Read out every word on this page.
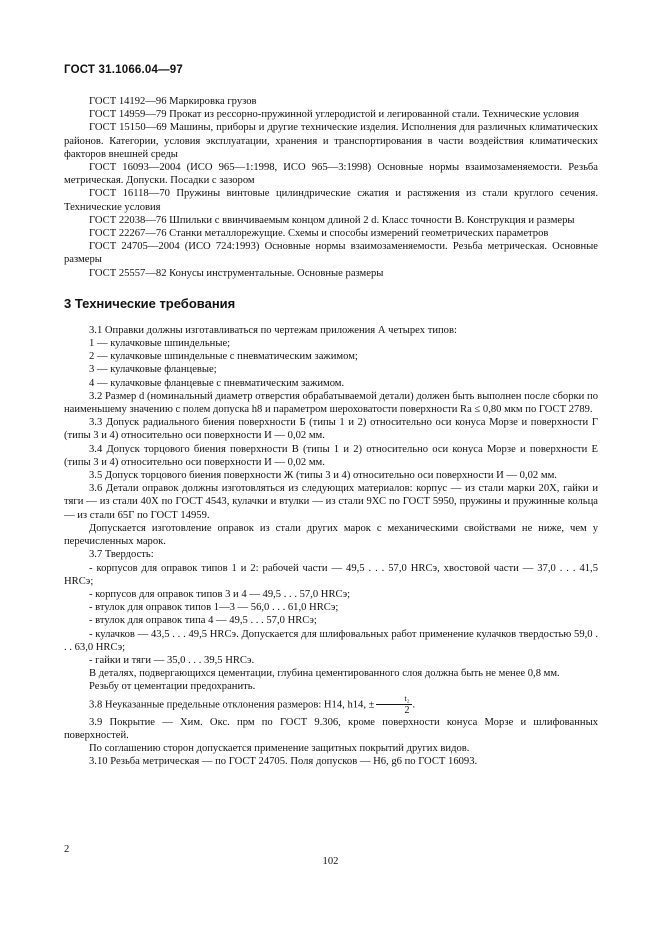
ГОСТ 31.1066.04—97

ГОСТ 14192—96 Маркировка грузов

ГОСТ 14959—79 Прокат из рессорно-пружинной углеродистой и легированной стали. Технические условия

ГОСТ 15150—69 Машины, приборы и другие технические изделия. Исполнения для различных климатических районов. Категории, условия эксплуатации, хранения и транспортирования в части воздействия климатических факторов внешней среды

ГОСТ 16093—2004 (ИСО 965—1:1998, ИСО 965—3:1998) Основные нормы взаимозаменяемости. Резьба метрическая. Допуски. Посадки с зазором

ГОСТ 16118—70 Пружины винтовые цилиндрические сжатия и растяжения из стали круглого сечения. Технические условия

ГОСТ 22038—76 Шпильки с ввинчиваемым концом длиной 2 d. Класс точности В. Конструкция и размеры

ГОСТ 22267—76 Станки металлорежущие. Схемы и способы измерений геометрических параметров

ГОСТ 24705—2004 (ИСО 724:1993) Основные нормы взаимозаменяемости. Резьба метрическая. Основные размеры

ГОСТ 25557—82 Конусы инструментальные. Основные размеры

3 Технические требования

3.1 Оправки должны изготавливаться по чертежам приложения А четырех типов:

1 — кулачковые шпиндельные;

2 — кулачковые шпиндельные с пневматическим зажимом;

3 — кулачковые фланцевые;

4 — кулачковые фланцевые с пневматическим зажимом.

3.2 Размер d (номинальный диаметр отверстия обрабатываемой детали) должен быть выполнен после сборки по наименьшему значению с полем допуска h8 и параметром шероховатости поверхности Ra ≤ 0,80 мкм по ГОСТ 2789.

3.3 Допуск радиального биения поверхности Б (типы 1 и 2) относительно оси конуса Морзе и поверхности Г (типы 3 и 4) относительно оси поверхности И — 0,02 мм.

3.4 Допуск торцового биения поверхности В (типы 1 и 2) относительно оси конуса Морзе и поверхности Е (типы 3 и 4) относительно оси поверхности И — 0,02 мм.

3.5 Допуск торцового биения поверхности Ж (типы 3 и 4) относительно оси поверхности И — 0,02 мм.

3.6 Детали оправок должны изготовляться из следующих материалов: корпус — из стали марки 20Х, гайки и тяги — из стали 40Х по ГОСТ 4543, кулачки и втулки — из стали 9ХС по ГОСТ 5950, пружины и пружинные кольца — из стали 65Г по ГОСТ 14959.

Допускается изготовление оправок из стали других марок с механическими свойствами не ниже, чем у перечисленных марок.

3.7 Твердость:

- корпусов для оправок типов 1 и 2: рабочей части — 49,5 . . . 57,0 HRCэ, хвостовой части — 37,0 . . . 41,5 HRCэ;

- корпусов для оправок типов 3 и 4 — 49,5 . . . 57,0 HRCэ;

- втулок для оправок типов 1—3 — 56,0 . . . 61,0 HRCэ;

- втулок для оправок типа 4 — 49,5 . . . 57,0 HRCэ;

- кулачков — 43,5 . . . 49,5 HRCэ. Допускается для шлифовальных работ применение кулачков твердостью 59,0 . . . 63,0 HRCэ;

- гайки и тяги — 35,0 . . . 39,5 HRCэ.

В деталях, подвергающихся цементации, глубина цементированного слоя должна быть не менее 0,8 мм.

Резьбу от цементации предохранить.

3.8 Неуказанные предельные отклонения размеров: H14, h14, ± $\frac{\text{t₂}}{2}$ .

3.9 Покрытие — Хим. Окс. прм по ГОСТ 9.306, кроме поверхности конуса Морзе и шлифованных поверхностей.

По соглашению сторон допускается применение защитных покрытий других видов.

3.10 Резьба метрическая — по ГОСТ 24705. Поля допусков — H6, g6 по ГОСТ 16093.

2
102
